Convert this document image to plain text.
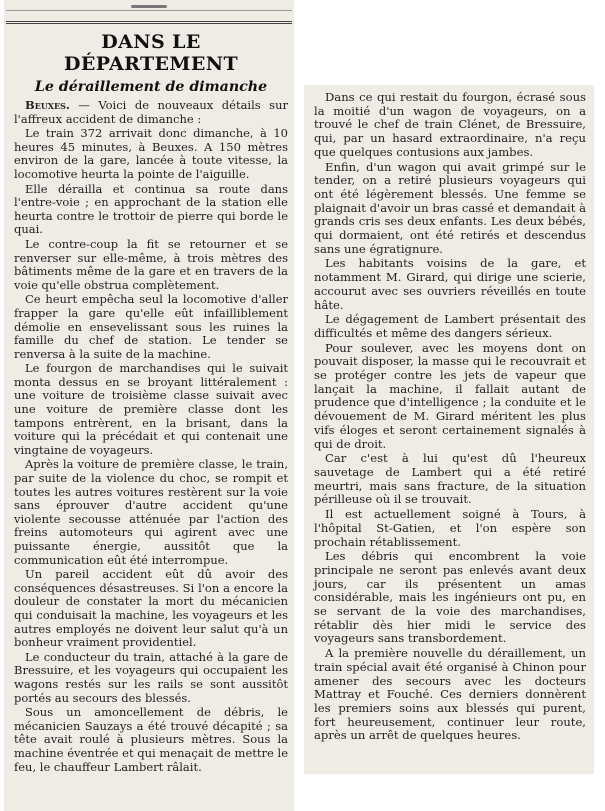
DANS LE DÉPARTEMENT
Le déraillement de dimanche

Beuxes. — Voici de nouveaux détails sur l'affreux accident de dimanche :

Le train 372 arrivait donc dimanche, à 10 heures 45 minutes, à Beuxes. A 150 mètres environ de la gare, lancée à toute vitesse, la locomotive heurta la pointe de l'aiguille.

Elle dérailla et continua sa route dans l'entre-voie ; en approchant de la station elle heurta contre le trottoir de pierre qui borde le quai.

Le contre-coup la fit se retourner et se renverser sur elle-même, à trois mètres des bâtiments même de la gare et en travers de la voie qu'elle obstrua complètement.

Ce heurt empêcha seul la locomotive d'aller frapper la gare qu'elle eût infailliblement démolie en ensevelissant sous les ruines la famille du chef de station. Le tender se renversa à la suite de la machine.

Le fourgon de marchandises qui le suivait monta dessus en se broyant littéralement : une voiture de troisième classe suivait avec une voiture de première classe dont les tampons entrèrent, en la brisant, dans la voiture qui la précédait et qui contenait une vingtaine de voyageurs.

Après la voiture de première classe, le train, par suite de la violence du choc, se rompit et toutes les autres voitures restèrent sur la voie sans éprouver d'autre accident qu'une violente secousse atténuée par l'action des freins automoteurs qui agirent avec une puissante énergie, aussitôt que la communication eût été interrompue.

Un pareil accident eût dû avoir des conséquences désastreuses. Si l'on a encore la douleur de constater la mort du mécanicien qui conduisait la machine, les voyageurs et les autres employés ne doivent leur salut qu'à un bonheur vraiment providentiel.

Le conducteur du train, attaché à la gare de Bressuire, et les voyageurs qui occupaient les wagons restés sur les rails se sont aussitôt portés au secours des blessés.

Sous un amoncellement de débris, le mécanicien Sauzays a été trouvé décapité ; sa tête avait roulé à plusieurs mètres. Sous la machine éventrée et qui menaçait de mettre le feu, le chauffeur Lambert râlait.

Dans ce qui restait du fourgon, écrasé sous la moitié d'un wagon de voyageurs, on a trouvé le chef de train Clénet, de Bressuire, qui, par un hasard extraordinaire, n'a reçu que quelques contusions aux jambes.

Enfin, d'un wagon qui avait grimpé sur le tender, on a retiré plusieurs voyageurs qui ont été légèrement blessés. Une femme se plaignait d'avoir un bras cassé et demandait à grands cris ses deux enfants. Les deux bébés, qui dormaient, ont été retirés et descendus sans une égratignure.

Les habitants voisins de la gare, et notamment M. Girard, qui dirige une scierie, accourut avec ses ouvriers réveillés en toute hâte.

Le dégagement de Lambert présentait des difficultés et même des dangers sérieux.

Pour soulever, avec les moyens dont on pouvait disposer, la masse qui le recouvrait et se protéger contre les jets de vapeur que lançait la machine, il fallait autant de prudence que d'intelligence ; la conduite et le dévouement de M. Girard méritent les plus vifs éloges et seront certainement signalés à qui de droit.

Car c'est à lui qu'est dû l'heureux sauvetage de Lambert qui a été retiré meurtri, mais sans fracture, de la situation périlleuse où il se trouvait.

Il est actuellement soigné à Tours, à l'hôpital St-Gatien, et l'on espère son prochain rétablissement.

Les débris qui encombrent la voie principale ne seront pas enlevés avant deux jours, car ils présentent un amas considérable, mais les ingénieurs ont pu, en se servant de la voie des marchandises, rétablir dès hier midi le service des voyageurs sans transbordement.

A la première nouvelle du déraillement, un train spécial avait été organisé à Chinon pour amener des secours avec les docteurs Mattray et Fouché. Ces derniers donnèrent les premiers soins aux blessés qui purent, fort heureusement, continuer leur route, après un arrêt de quelques heures.
